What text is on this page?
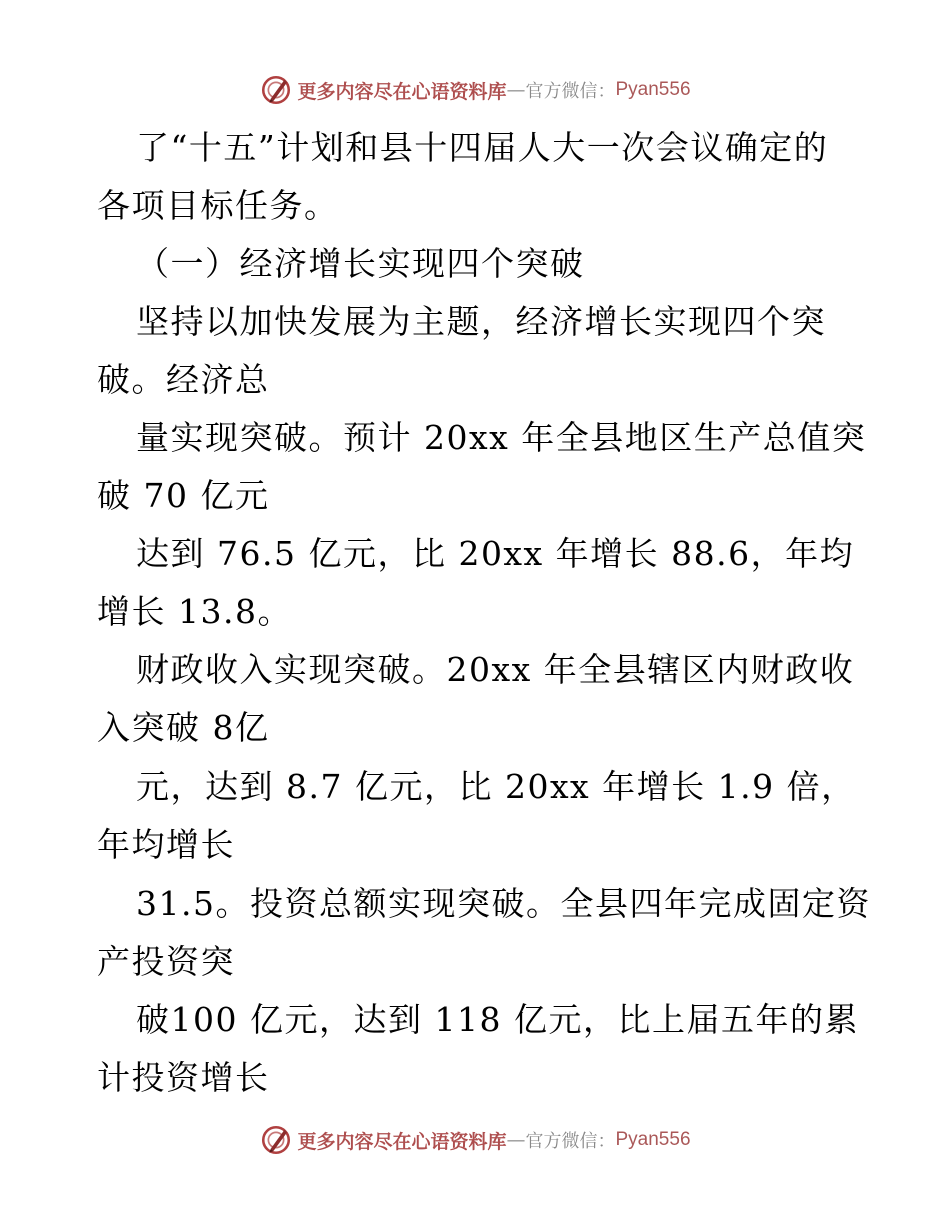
更多内容尽在心语资料库 — 官方微信： Pyan556
了“十五”计划和县十四届人大一次会议确定的
各项目标任务。
（一）经济增长实现四个突破
坚持以加快发展为主题，经济增长实现四个突
破。经济总
量实现突破。预计 20xx 年全县地区生产总值突
破 70 亿元
达到 76.5 亿元，比 20xx 年增长 88.6，年均
增长 13.8。
财政收入实现突破。20xx 年全县辖区内财政收
入突破 8亿
元，达到 8.7 亿元，比 20xx 年增长 1.9 倍，
年均增长
31.5。投资总额实现突破。全县四年完成固定资
产投资突
破100 亿元，达到 118 亿元，比上届五年的累
计投资增长
更多内容尽在心语资料库 — 官方微信： Pyan556
